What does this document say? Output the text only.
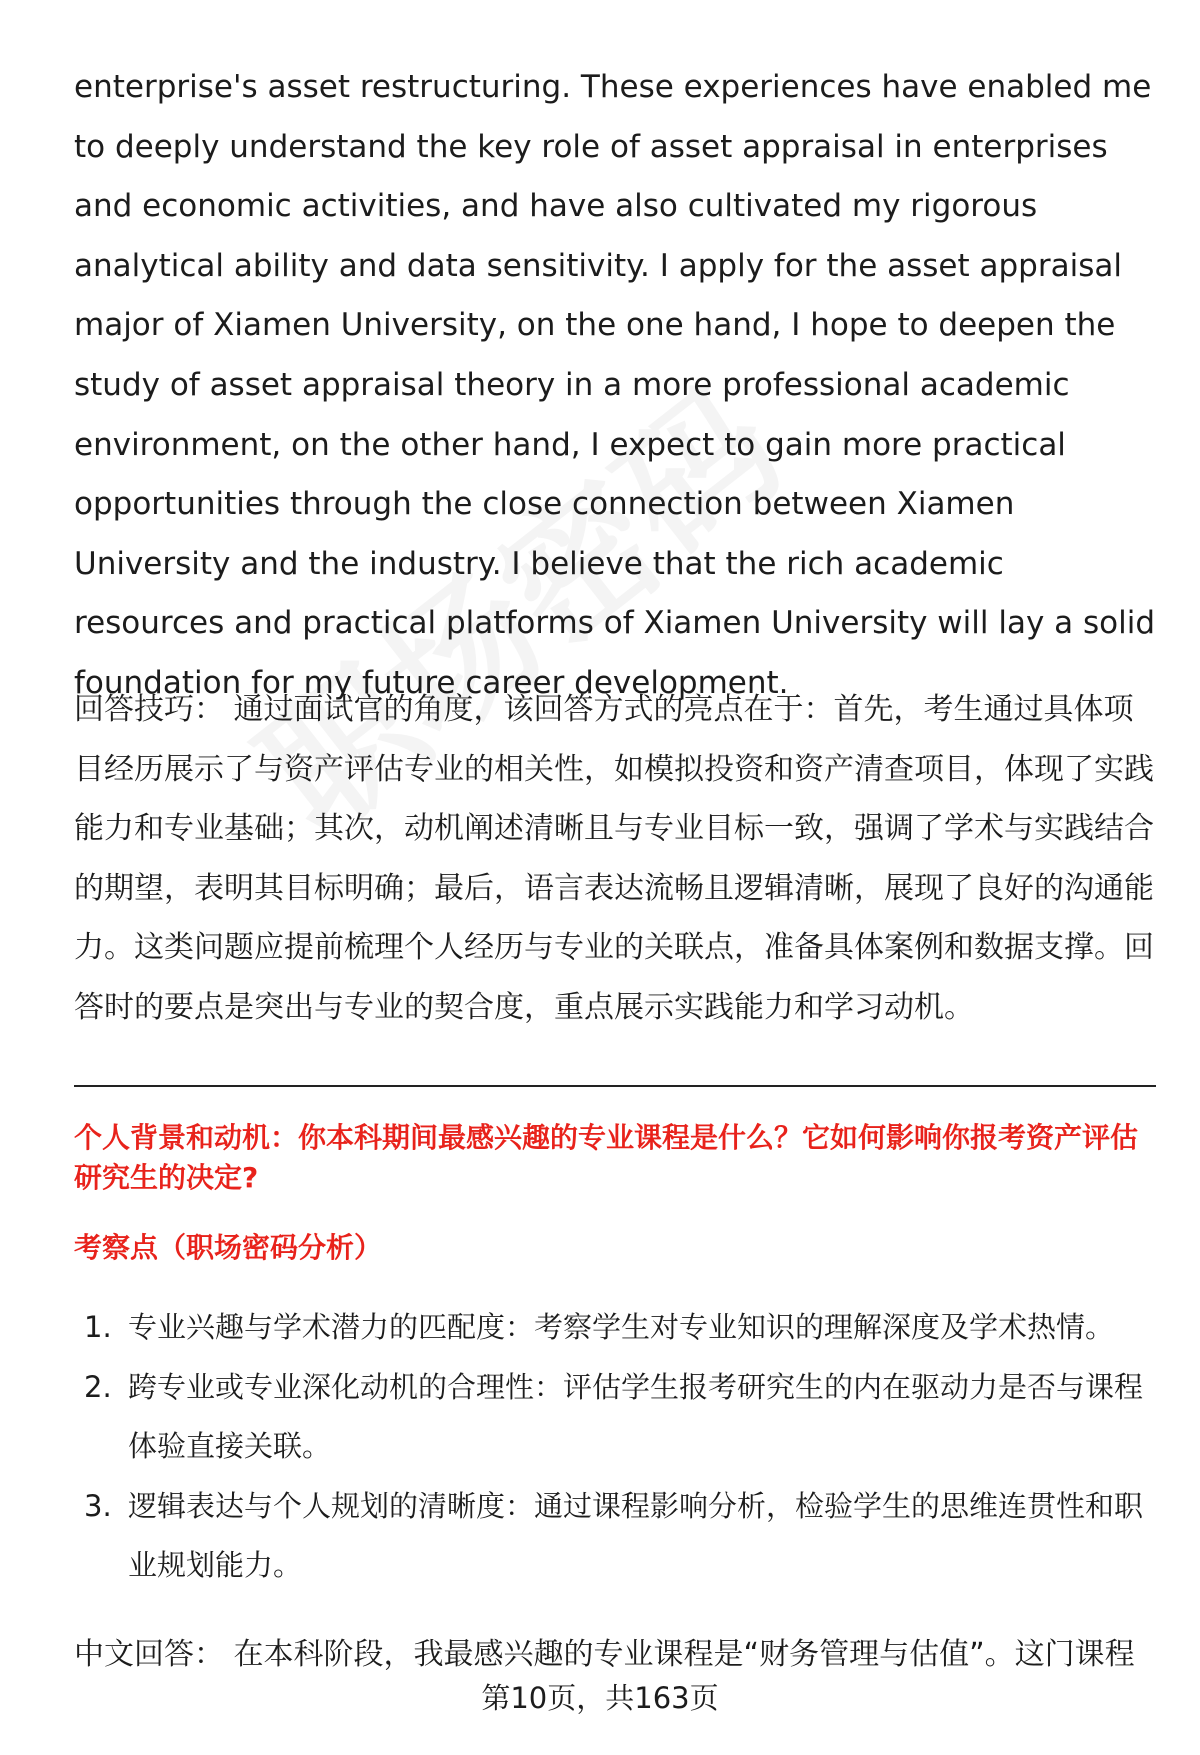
enterprise's asset restructuring. These experiences have enabled me to deeply understand the key role of asset appraisal in enterprises and economic activities, and have also cultivated my rigorous analytical ability and data sensitivity. I apply for the asset appraisal major of Xiamen University, on the one hand, I hope to deepen the study of asset appraisal theory in a more professional academic environment, on the other hand, I expect to gain more practical opportunities through the close connection between Xiamen University and the industry. I believe that the rich academic resources and practical platforms of Xiamen University will lay a solid foundation for my future career development.

回答技巧： 通过面试官的角度，该回答方式的亮点在于：首先，考生通过具体项目经历展示了与资产评估专业的相关性，如模拟投资和资产清查项目，体现了实践能力和专业基础；其次，动机阐述清晰且与专业目标一致，强调了学术与实践结合的期望，表明其目标明确；最后，语言表达流畅且逻辑清晰，展现了良好的沟通能力。这类问题应提前梳理个人经历与专业的关联点，准备具体案例和数据支撑。回答时的要点是突出与专业的契合度，重点展示实践能力和学习动机。

个人背景和动机：你本科期间最感兴趣的专业课程是什么？它如何影响你报考资产评估研究生的决定?

考察点（职场密码分析）

1. 专业兴趣与学术潜力的匹配度：考察学生对专业知识的理解深度及学术热情。
2. 跨专业或专业深化动机的合理性：评估学生报考研究生的内在驱动力是否与课程体验直接关联。
3. 逻辑表达与个人规划的清晰度：通过课程影响分析，检验学生的思维连贯性和职业规划能力。

中文回答： 在本科阶段，我最感兴趣的专业课程是“财务管理与估值”。这门课程

第10页，共163页
